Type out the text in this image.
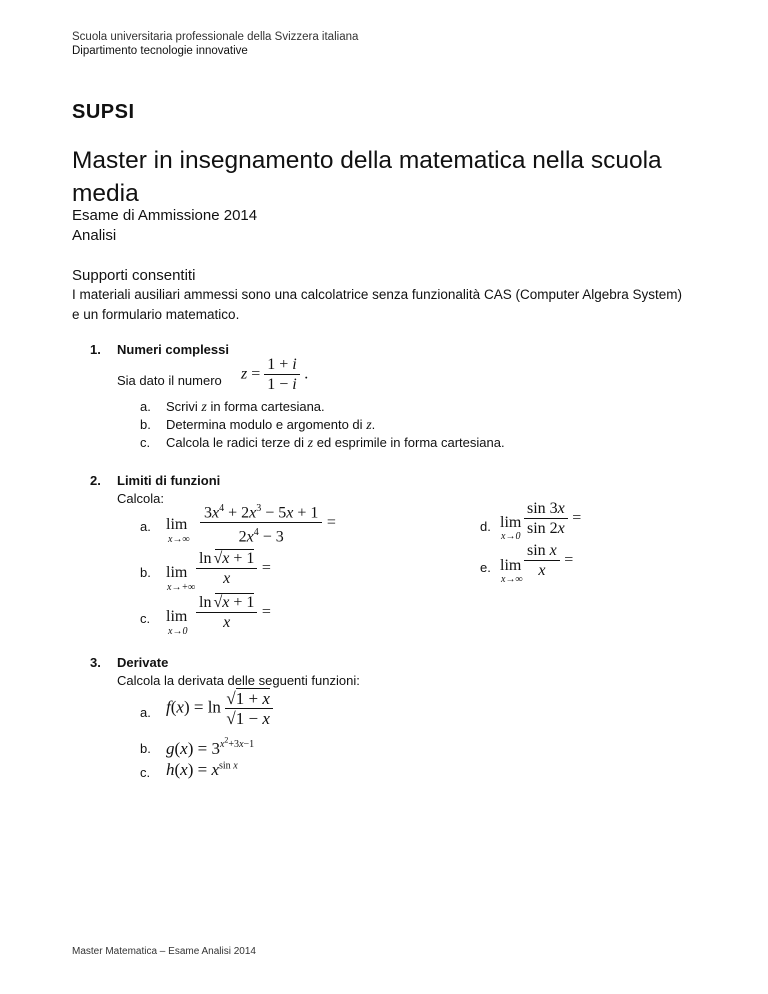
Scuola universitaria professionale della Svizzera italiana
Dipartimento tecnologie innovative
SUPSI
Master in insegnamento della matematica nella scuola media
Esame di Ammissione 2014
Analisi
Supporti consentiti
I materiali ausiliari ammessi sono una calcolatrice senza funzionalità CAS (Computer Algebra System) e un formulario matematico.
1. Numeri complessi
Sia dato il numero $z = \frac{1 + i}{1 - i}$ .
a. Scrivi z in forma cartesiana.
b. Determina modulo e argomento di z.
c. Calcola le radici terze di z ed esprimile in forma cartesiana.
2. Limiti di funzioni
Calcola:
a. lim
$x\to\infty \frac{3x^4 + 2x^3 - 5x + 1}{2x^4 - 3}$ =
b. lim
x→+∞
$\frac{\ln √x + 1}{x}$ =
c. lim
x→0
$\frac{\ln √x + 1}{x}$ =
d. lim
$x\to 0 \frac{\sin 3x}{\sin 2x}$ =
e. lim
x→∞
$\frac{\text{sin x}}{x}$ =
3. Derivate
Calcola la derivata delle seguenti funzioni:
a. $f(x) = \ln \frac{√1 + x}{√1 - x}$
b. $g(x) = 3^{x^2+3x-1}$
c. $h(x) = x^{sin x}$
Master Matematica – Esame Analisi 2014
